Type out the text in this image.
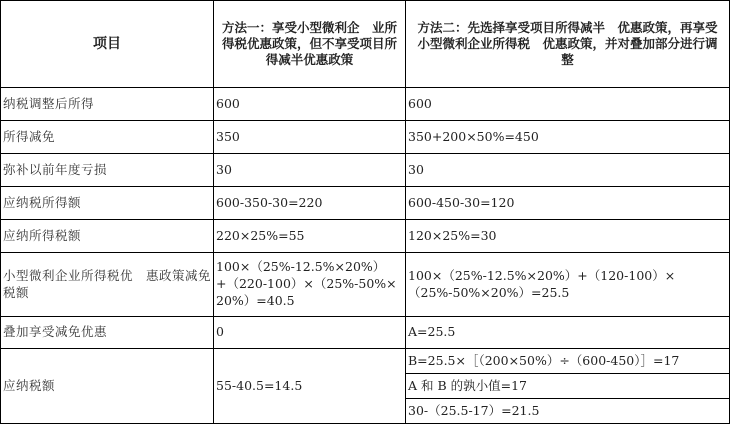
项目	方法一：享受小型微利企　业所得税优惠政策，但不享受项目所得减半优惠政策	方法二：先选择享受项目所得减半　优惠政策，再享受小型微利企业所得税　优惠政策，并对叠加部分进行调整
纳税调整后所得	600	600
所得减免	350	350+200×50%=450
弥补以前年度亏损	30	30
应纳税所得额	600-350-30=220	600-450-30=120
应纳所得税额	220×25%=55	120×25%=30
小型微利企业所得税优　惠政策减免税额	100×（25%-12.5%×20%）+（220-100）×（25%-50%×　20%）=40.5	100×（25%-12.5%×20%）+（120-100）×（25%-50%×20%）=25.5
叠加享受减免优惠	0	A=25.5
应纳税额	55-40.5=14.5	B=25.5×［（200×50%）÷（600-450）］=17
A 和 B 的孰小值=17
30-（25.5-17）=21.5
